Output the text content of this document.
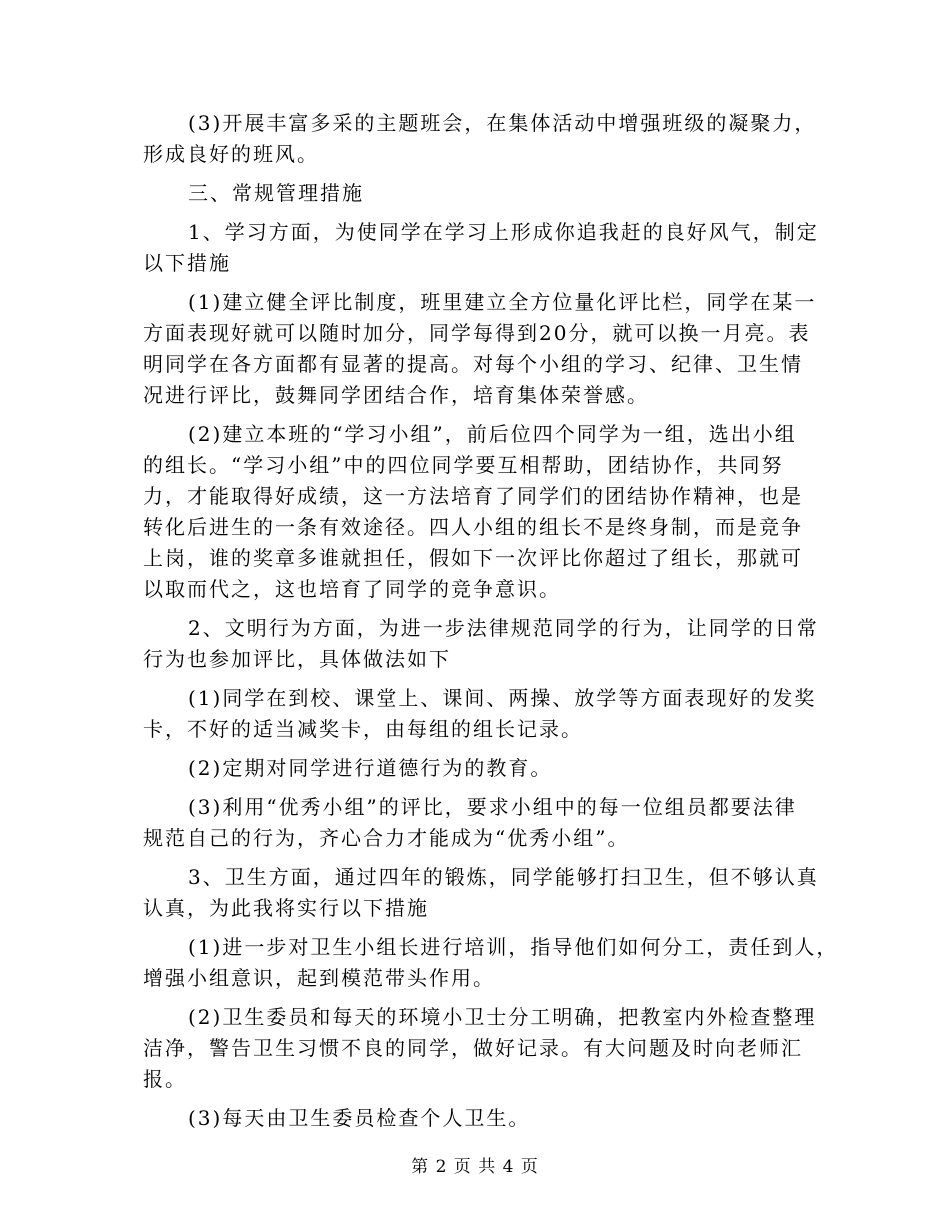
(3)开展丰富多采的主题班会，在集体活动中增强班级的凝聚力，
形成良好的班风。
三、常规管理措施
1、学习方面，为使同学在学习上形成你追我赶的良好风气，制定
以下措施
(1)建立健全评比制度，班里建立全方位量化评比栏，同学在某一
方面表现好就可以随时加分，同学每得到20分，就可以换一月亮。表
明同学在各方面都有显著的提高。对每个小组的学习、纪律、卫生情
况进行评比，鼓舞同学团结合作，培育集体荣誉感。
(2)建立本班的“学习小组”，前后位四个同学为一组，选出小组
的组长。“学习小组”中的四位同学要互相帮助，团结协作，共同努
力，才能取得好成绩，这一方法培育了同学们的团结协作精神，也是
转化后进生的一条有效途径。四人小组的组长不是终身制，而是竞争
上岗，谁的奖章多谁就担任，假如下一次评比你超过了组长，那就可
以取而代之，这也培育了同学的竞争意识。
2、文明行为方面，为进一步法律规范同学的行为，让同学的日常
行为也参加评比，具体做法如下
(1)同学在到校、课堂上、课间、两操、放学等方面表现好的发奖
卡，不好的适当减奖卡，由每组的组长记录。
(2)定期对同学进行道德行为的教育。
(3)利用“优秀小组”的评比，要求小组中的每一位组员都要法律
规范自己的行为，齐心合力才能成为“优秀小组”。
3、卫生方面，通过四年的锻炼，同学能够打扫卫生，但不够认真
认真，为此我将实行以下措施
(1)进一步对卫生小组长进行培训，指导他们如何分工，责任到人，
增强小组意识，起到模范带头作用。
(2)卫生委员和每天的环境小卫士分工明确，把教室内外检查整理
洁净，警告卫生习惯不良的同学，做好记录。有大问题及时向老师汇
报。
(3)每天由卫生委员检查个人卫生。
第 2 页 共 4 页
